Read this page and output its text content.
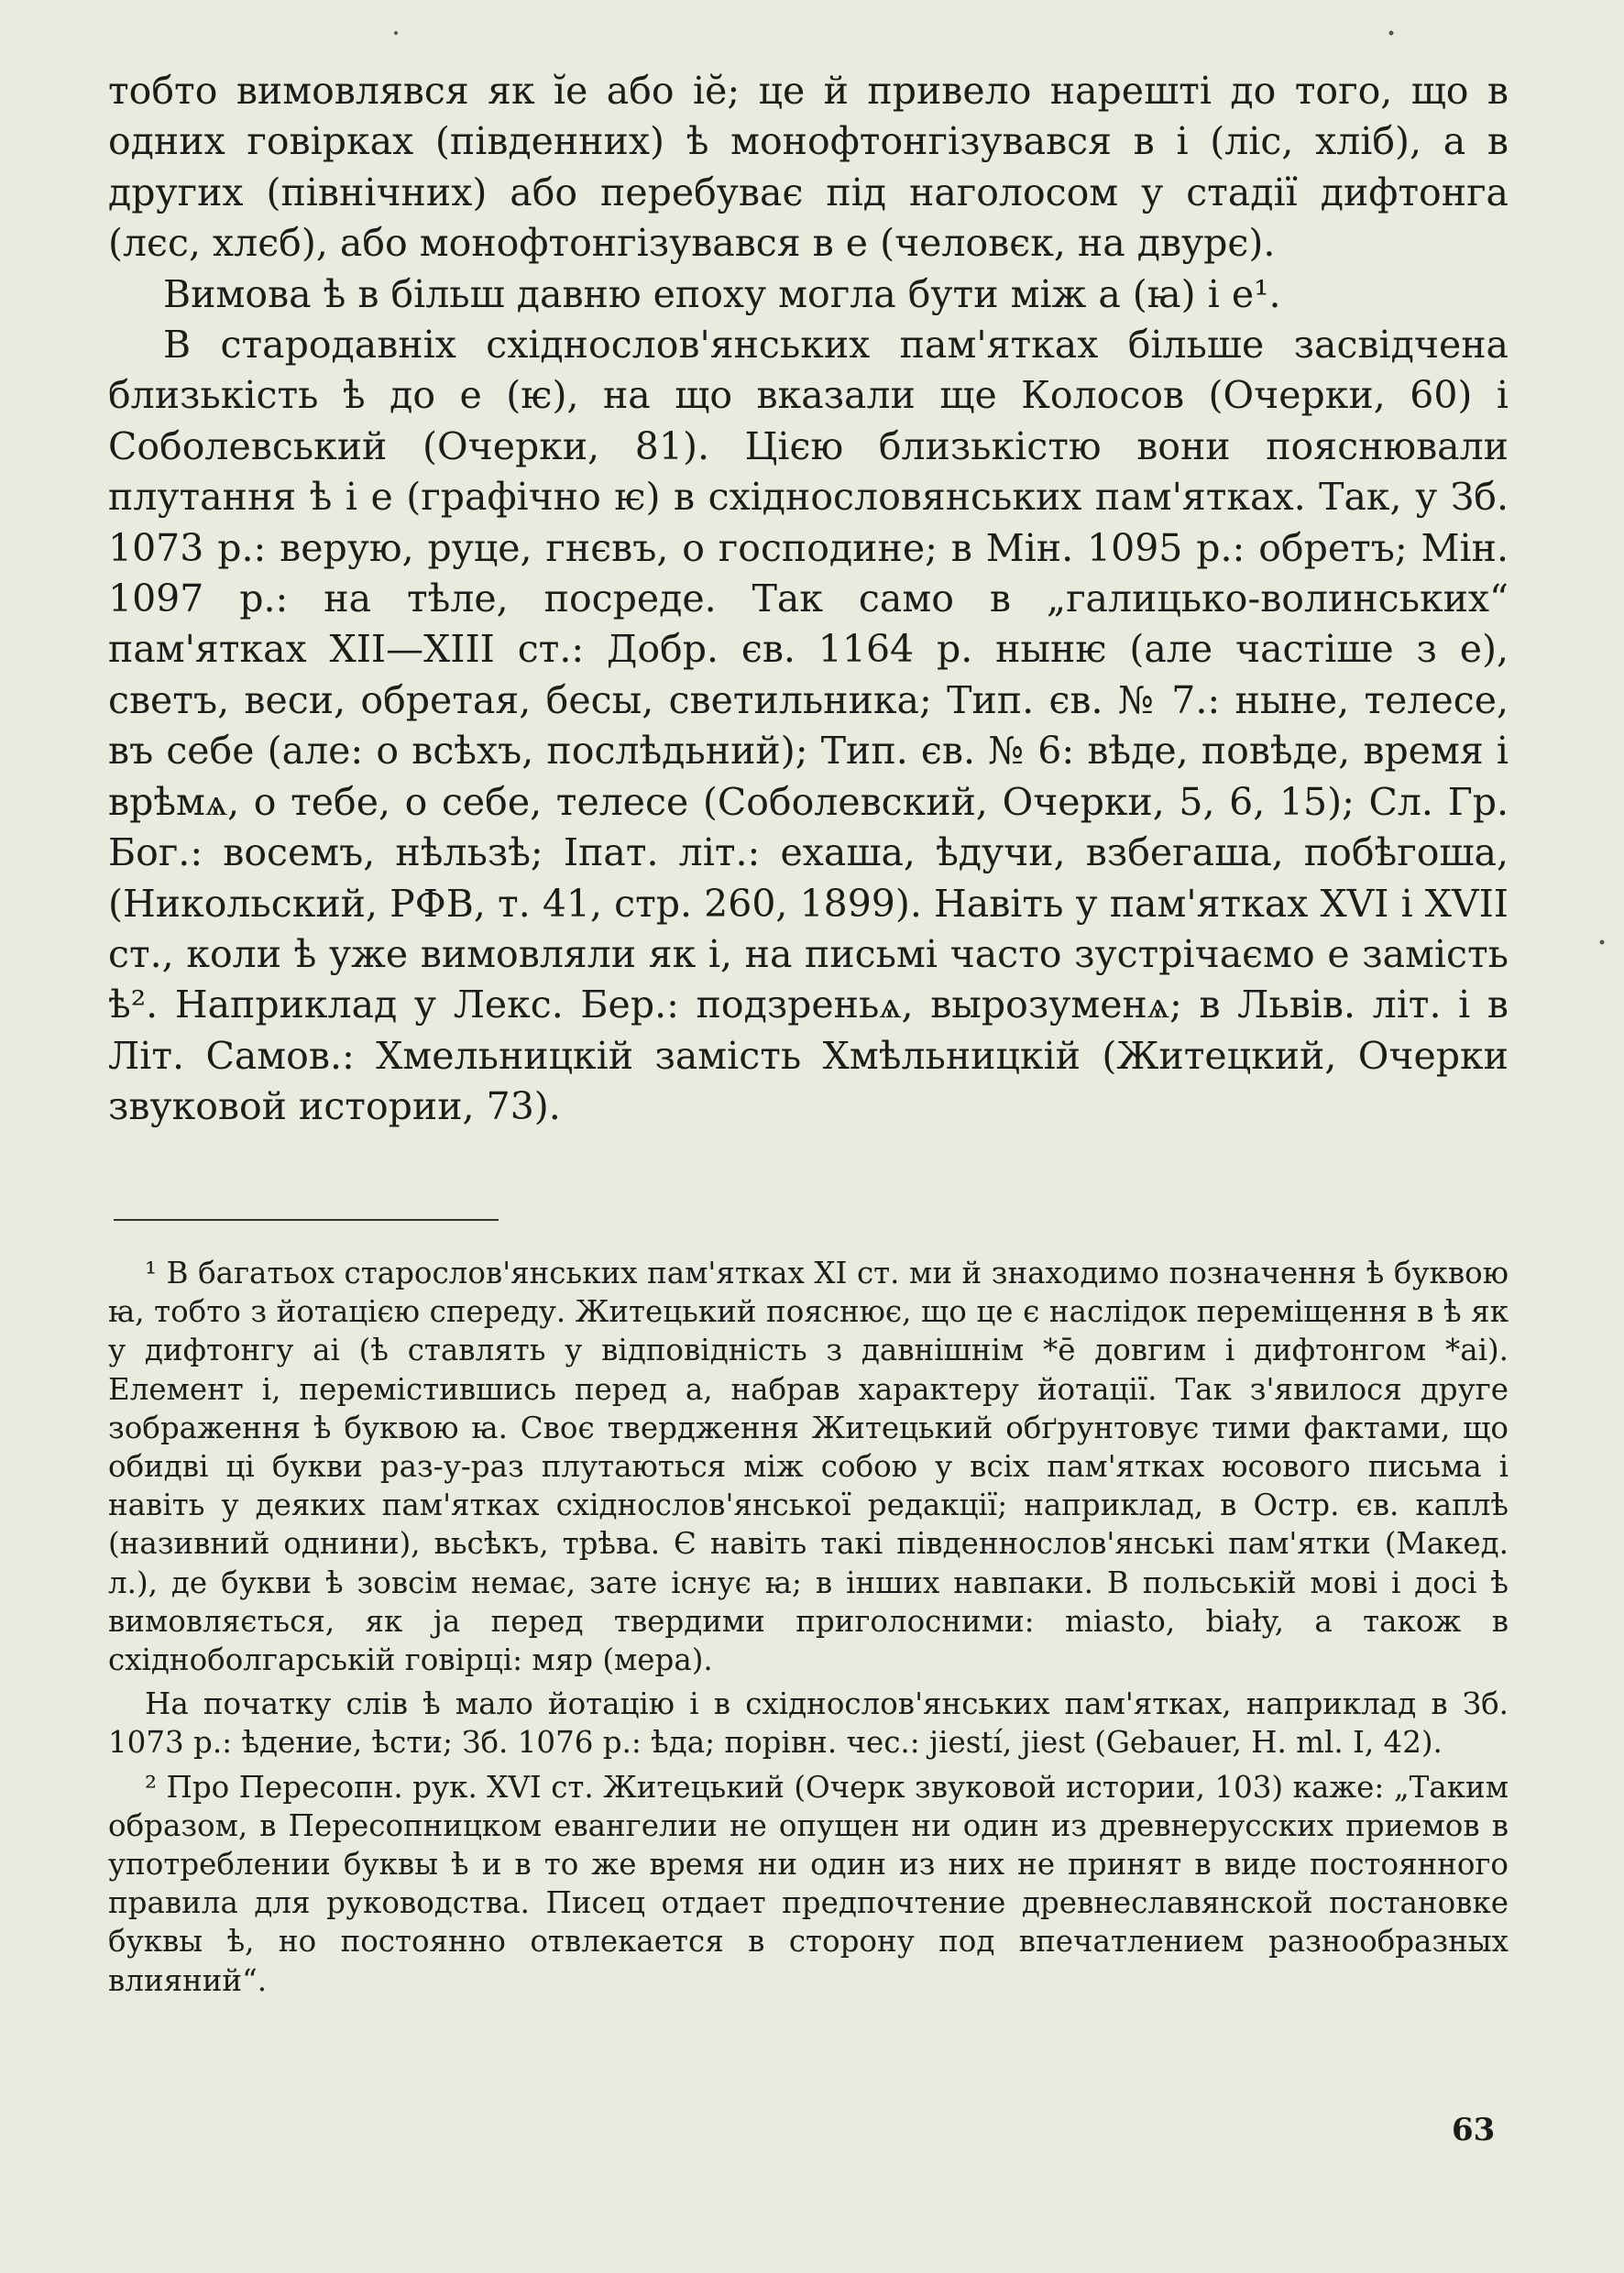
тобто вимовлявся як ĭе або іĕ; це й привело нарешті до того, що в одних говірках (південних) ѣ монофтонгізувався в і (ліс, хліб), а в других (північних) або перебуває під наголосом у стадії дифтонга (лєс, хлєб), або монофтонгізувався в е (человєк, на двурє).

Вимова ѣ в більш давню епоху могла бути між а (ꙗ) і е¹.

В стародавніх східнослов'янських пам'ятках більше засвідчена близькість ѣ до е (ѥ), на що вказали ще Колосов (Очерки, 60) і Соболевський (Очерки, 81). Цією близькістю вони пояснювали плутання ѣ і е (графічно ѥ) в східнословянських пам'ятках. Так, у Зб. 1073 р.: верую, руце, гнєвъ, о господине; в Мін. 1095 р.: обретъ; Мін. 1097 р.: на тѣле, посреде. Так само в „галицько-волинських“ пам'ятках XII—XIII ст.: Добр. єв. 1164 р. нынѥ (але частіше з е), светъ, веси, обретая, бесы, светильника; Тип. єв. № 7.: ныне, телесе, въ себе (але: о всѣхъ, послѣдьний); Тип. єв. № 6: вѣде, повѣде, время і врѣмѧ, о тебе, о себе, телесе (Соболевский, Очерки, 5, 6, 15); Сл. Гр. Бог.: восемъ, нѣльзѣ; Іпат. літ.: ехаша, ѣдучи, взбегаша, побѣгоша, (Никольский, РФВ, т. 41, стр. 260, 1899). Навіть у пам'ятках XVI і XVII ст., коли ѣ уже вимовляли як і, на письмі часто зустрічаємо е замість ѣ². Наприклад у Лекс. Бер.: подзреньѧ, вырозуменѧ; в Львів. літ. і в Літ. Самов.: Хмельницкій замість Хмѣльницкій (Житецкий, Очерки звуковой истории, 73).

¹ В багатьох старослов'янських пам'ятках XI ст. ми й знаходимо позначення ѣ буквою ꙗ, тобто з йотацією спереду. Житецький пояснює, що це є наслідок переміщення в ѣ як у дифтонгу ai (ѣ ставлять у відповідність з давнішнім *ē довгим і дифтонгом *ai). Елемент і, перемістившись перед а, набрав характеру йотації. Так з'явилося друге зображення ѣ буквою ꙗ. Своє твердження Житецький обґрунтовує тими фактами, що обидві ці букви раз-у-раз плутаються між собою у всіх пам'ятках юсового письма і навіть у деяких пам'ятках східнослов'янської редакції; наприклад, в Остр. єв. каплѣ (називний однини), вьсѣкъ, трѣва. Є навіть такі південнослов'янські пам'ятки (Макед. л.), де букви ѣ зовсім немає, зате існує ꙗ; в інших навпаки. В польській мові і досі ѣ вимовляється, як ja перед твердими приголосними: miasto, biały, а також в східноболгарській говірці: мяр (мера).

На початку слів ѣ мало йотацію і в східнослов'янських пам'ятках, наприклад в Зб. 1073 р.: ѣдение, ѣсти; Зб. 1076 р.: ѣда; порівн. чес.: jiestí, jiest (Gebauer, H. ml. I, 42).

² Про Пересопн. рук. XVI ст. Житецький (Очерк звуковой истории, 103) каже: „Таким образом, в Пересопницком евангелии не опущен ни один из древнерусских приемов в употреблении буквы ѣ и в то же время ни один из них не принят в виде постоянного правила для руководства. Писец отдает предпочтение древнеславянской постановке буквы ѣ, но постоянно отвлекается в сторону под впечатлением разнообразных влияний“.

63
